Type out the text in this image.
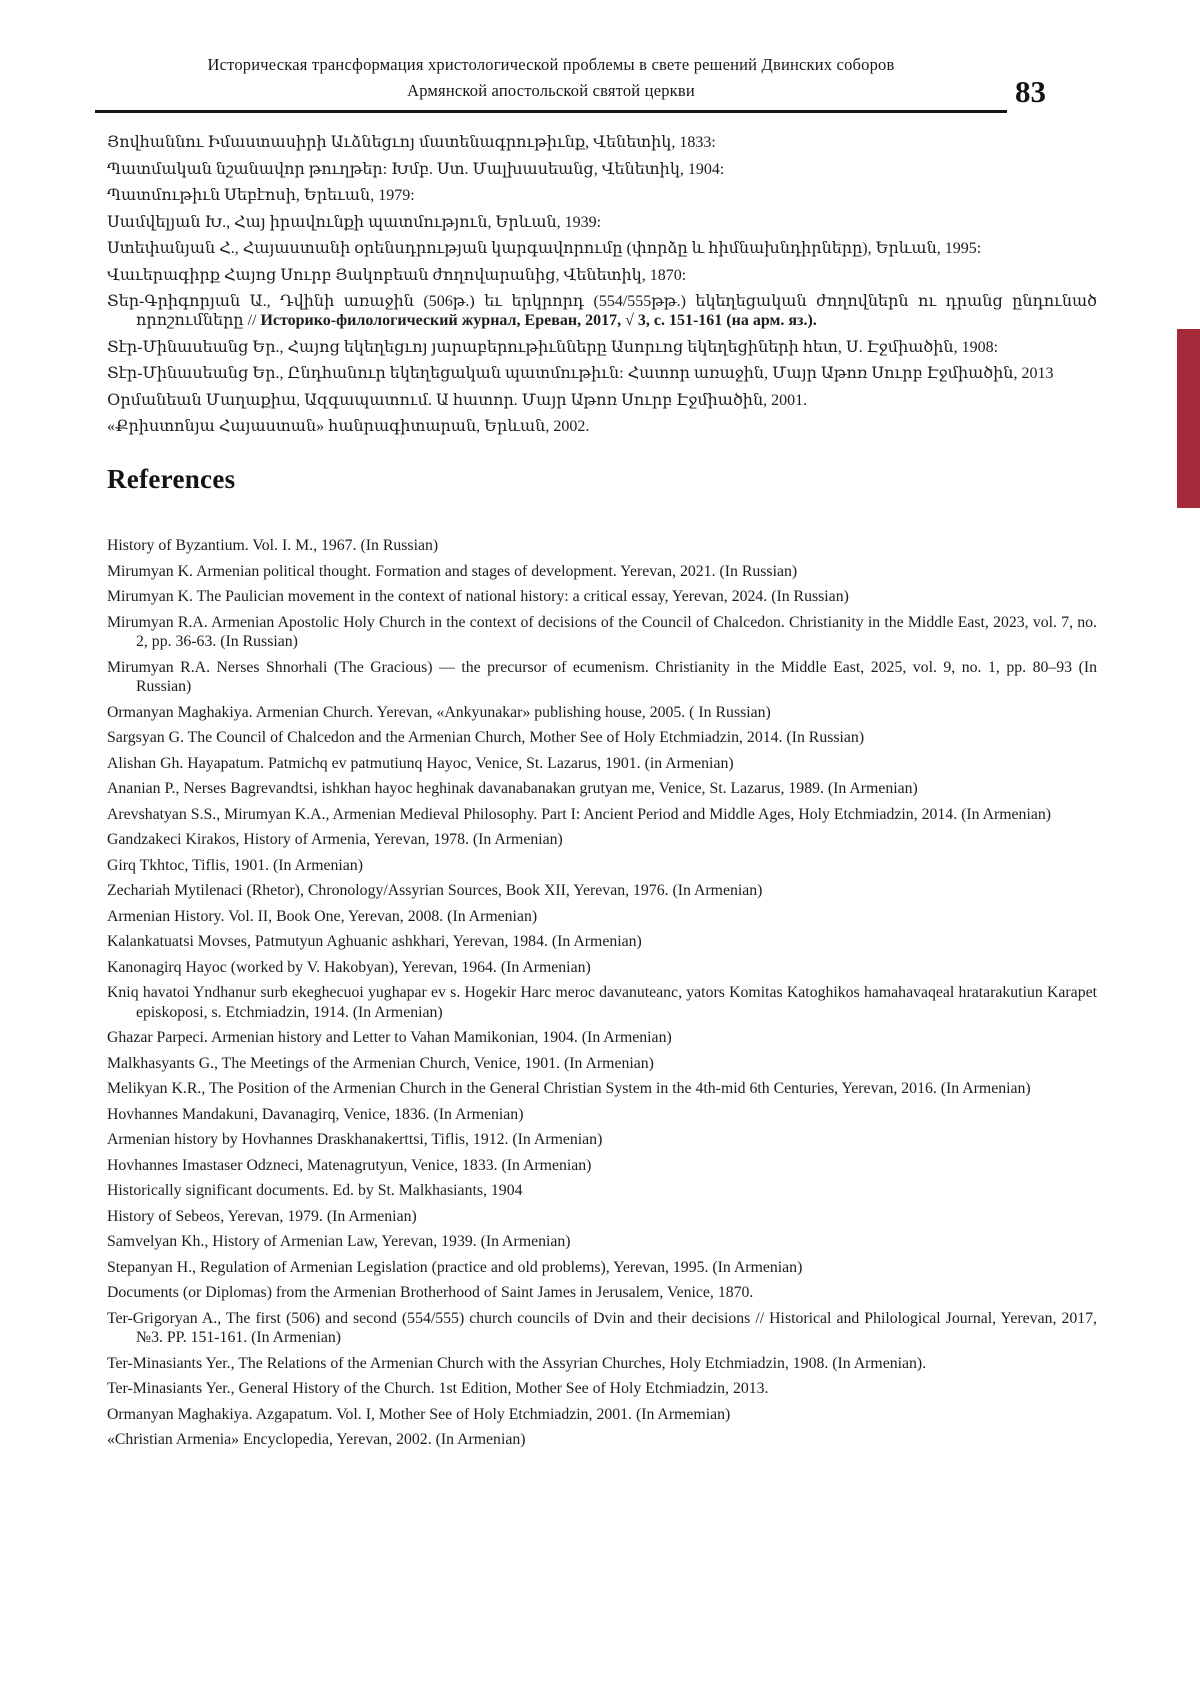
Историческая трансформация христологической проблемы в свете решений Двинских соборов
Армянской апостольской святой церкви	83
Յովհաննու Իմաստասիրի Աւձնեցւոյ մատենագրութիւնք, Վենետիկ, 1833:
Պատմական նշանավոր թուղթեր: Խմբ. Ստ. Մալխասեանց, Վենետիկ, 1904:
Պատմութիւն Սեբէոսի, Երեւան, 1979:
Սամվելյան Խ., Հայ իրավունքի պատմություն, Երևան, 1939:
Ստեփանյան Հ., Հայաստանի օրենսդրության կարգավորումը (փորձը և հիմնախնդիրները), Երևան, 1995:
Վաւերագիրք Հայոց Սուրբ Յակոբեան ժողովարանից, Վենետիկ, 1870:
Տեր-Գրիգորյան Ա., Դվինի առաջին (506թ.) եւ երկրորդ (554/555թթ.) եկեղեցական ժողովներն ու դրանց ընդունած որոշումները // Историко-филологический журнал, Ереван, 2017, √ 3, с. 151-161 (на арм. яз.).
Տէր-Մինասեանց Եր., Հայոց եկեղեցւոյ յարաբերութիւնները Ասորւոց եկեղեցիների հետ, Ս. Էջմիածին, 1908:
Տէր-Մինասեանց Եր., Ընդհանուր եկեղեցական պատմութիւն: Հատոր առաջին, Մայր Աթոռ Սուրբ Էջմիածին, 2013
Օրմանեան Մաղաքիա, Ազգապատում. Ա հատոր. Մայր Աթոռ Սուրբ Էջմիածին, 2001.
«Քրիստոնյա Հայաստան» հանրագիտարան, Երևան, 2002.
References
History of Byzantium. Vol. I. M., 1967. (In Russian)
Mirumyan K. Armenian political thought. Formation and stages of development. Yerevan, 2021. (In Russian)
Mirumyan K. The Paulician movement in the context of national history: a critical essay, Yerevan, 2024. (In Russian)
Mirumyan R.A. Armenian Apostolic Holy Church in the context of decisions of the Council of Chalcedon. Christianity in the Middle East, 2023, vol. 7, no. 2, pp. 36-63. (In Russian)
Mirumyan R.A. Nerses Shnorhali (The Gracious) — the precursor of ecumenism. Christianity in the Middle East, 2025, vol. 9, no. 1, pp. 80–93 (In Russian)
Ormanyan Maghakiya. Armenian Church. Yerevan, «Ankyunakar» publishing house, 2005. ( In Russian)
Sargsyan G. The Council of Chalcedon and the Armenian Church, Mother See of Holy Etchmiadzin, 2014. (In Russian)
Alishan Gh. Hayapatum. Patmichq ev patmutiunq Hayoc, Venice, St. Lazarus, 1901. (in Armenian)
Ananian P., Nerses Bagrevandtsi, ishkhan hayoc heghinak davanabanakan grutyan me, Venice, St. Lazarus, 1989. (In Armenian)
Arevshatyan S.S., Mirumyan K.A., Armenian Medieval Philosophy. Part I: Ancient Period and Middle Ages, Holy Etchmiadzin, 2014. (In Armenian)
Gandzakeci Kirakos, History of Armenia, Yerevan, 1978. (In Armenian)
Girq Tkhtoc, Tiflis, 1901. (In Armenian)
Zechariah Mytilenaci (Rhetor), Chronology/Assyrian Sources, Book XII, Yerevan, 1976. (In Armenian)
Armenian History. Vol. II, Book One, Yerevan, 2008. (In Armenian)
Kalankatuatsi Movses, Patmutyun Aghuanic ashkhari, Yerevan, 1984. (In Armenian)
Kanonagirq Hayoc (worked by V. Hakobyan), Yerevan, 1964. (In Armenian)
Kniq havatoi Yndhanur surb ekeghecuoi yughapar ev s. Hogekir Harc meroc davanuteanc, yators Komitas Katoghikos hamahavaqeal hratarakutiun Karapet episkoposi, s. Etchmiadzin, 1914. (In Armenian)
Ghazar Parpeci. Armenian history and Letter to Vahan Mamikonian, 1904. (In Armenian)
Malkhasyants G., The Meetings of the Armenian Church, Venice, 1901. (In Armenian)
Melikyan K.R., The Position of the Armenian Church in the General Christian System in the 4th-mid 6th Centuries, Yerevan, 2016. (In Armenian)
Hovhannes Mandakuni, Davanagirq, Venice, 1836. (In Armenian)
Armenian history by Hovhannes Draskhanakerttsi, Tiflis, 1912. (In Armenian)
Hovhannes Imastaser Odzneci, Matenagrutyun, Venice, 1833. (In Armenian)
Historically significant documents. Ed. by St. Malkhasiants, 1904
History of Sebeos, Yerevan, 1979. (In Armenian)
Samvelyan Kh., History of Armenian Law, Yerevan, 1939. (In Armenian)
Stepanyan H., Regulation of Armenian Legislation (practice and old problems), Yerevan, 1995. (In Armenian)
Documents (or Diplomas) from the Armenian Brotherhood of Saint James in Jerusalem, Venice, 1870.
Ter-Grigoryan A., The first (506) and second (554/555) church councils of Dvin and their decisions // Historical and Philological Journal, Yerevan, 2017, №3. PP. 151-161. (In Armenian)
Ter-Minasiants Yer., The Relations of the Armenian Church with the Assyrian Churches, Holy Etchmiadzin, 1908. (In Armenian).
Ter-Minasiants Yer., General History of the Church. 1st Edition, Mother See of Holy Etchmiadzin, 2013.
Ormanyan Maghakiya. Azgapatum. Vol. I, Mother See of Holy Etchmiadzin, 2001. (In Armemian)
«Christian Armenia» Encyclopedia, Yerevan, 2002. (In Armenian)
